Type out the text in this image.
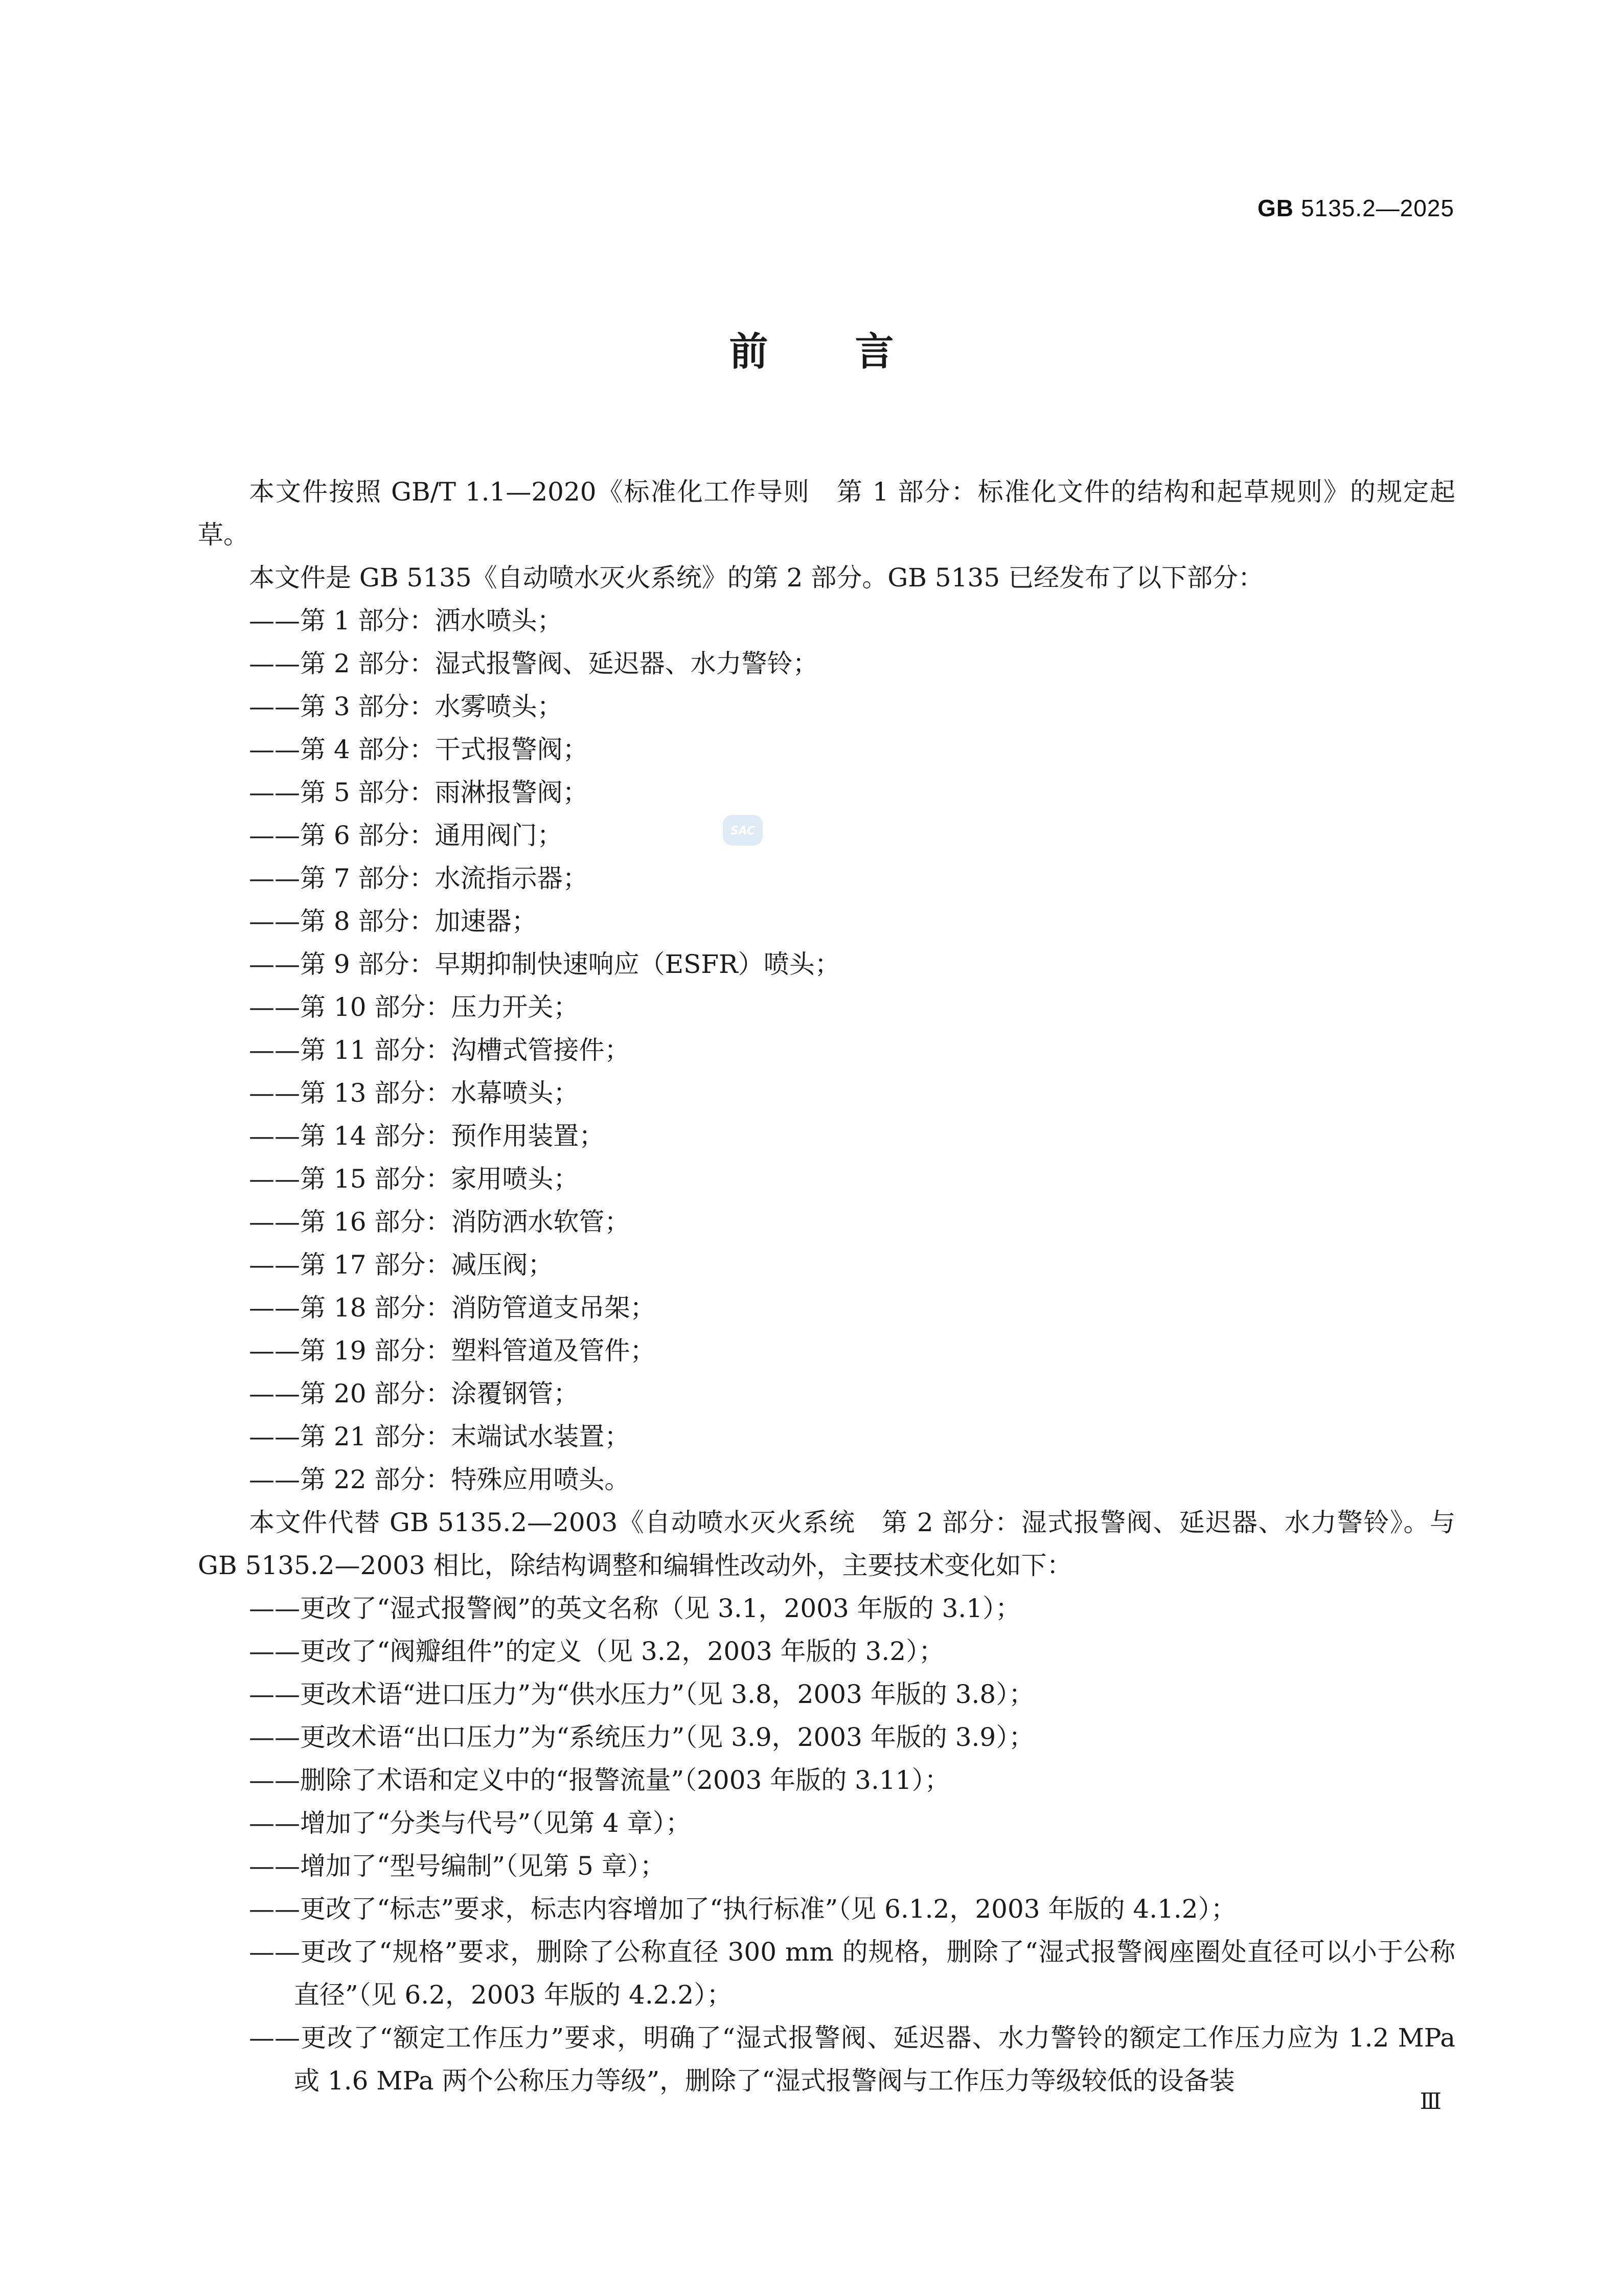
GB 5135.2—2025
前言
SAC

本文件按照 GB/T 1.1—2020《标准化工作导则　第 1 部分：标准化文件的结构和起草规则》的规定起草。

本文件是 GB 5135《自动喷水灭火系统》的第 2 部分。GB 5135 已经发布了以下部分：

——第 1 部分：洒水喷头；

——第 2 部分：湿式报警阀、延迟器、水力警铃；

——第 3 部分：水雾喷头；

——第 4 部分：干式报警阀；

——第 5 部分：雨淋报警阀；

——第 6 部分：通用阀门；

——第 7 部分：水流指示器；

——第 8 部分：加速器；

——第 9 部分：早期抑制快速响应（ESFR）喷头；

——第 10 部分：压力开关；

——第 11 部分：沟槽式管接件；

——第 13 部分：水幕喷头；

——第 14 部分：预作用装置；

——第 15 部分：家用喷头；

——第 16 部分：消防洒水软管；

——第 17 部分：减压阀；

——第 18 部分：消防管道支吊架；

——第 19 部分：塑料管道及管件；

——第 20 部分：涂覆钢管；

——第 21 部分：末端试水装置；

——第 22 部分：特殊应用喷头。

本文件代替 GB 5135.2—2003《自动喷水灭火系统　第 2 部分：湿式报警阀、延迟器、水力警铃》。与 GB 5135.2—2003 相比，除结构调整和编辑性改动外，主要技术变化如下：

——更改了“湿式报警阀”的英文名称（见 3.1，2003 年版的 3.1）；

——更改了“阀瓣组件”的定义（见 3.2，2003 年版的 3.2）；

——更改术语“进口压力”为“供水压力”（见 3.8，2003 年版的 3.8）；

——更改术语“出口压力”为“系统压力”（见 3.9，2003 年版的 3.9）；

——删除了术语和定义中的“报警流量”（2003 年版的 3.11）；

——增加了“分类与代号”（见第 4 章）；

——增加了“型号编制”（见第 5 章）；

——更改了“标志”要求，标志内容增加了“执行标准”（见 6.1.2，2003 年版的 4.1.2）；

——更改了“规格”要求，删除了公称直径 300 mm 的规格，删除了“湿式报警阀座圈处直径可以小于公称直径”（见 6.2，2003 年版的 4.2.2）；

——更改了“额定工作压力”要求，明确了“湿式报警阀、延迟器、水力警铃的额定工作压力应为 1.2 MPa 或 1.6 MPa 两个公称压力等级”，删除了“湿式报警阀与工作压力等级较低的设备装

Ⅲ
